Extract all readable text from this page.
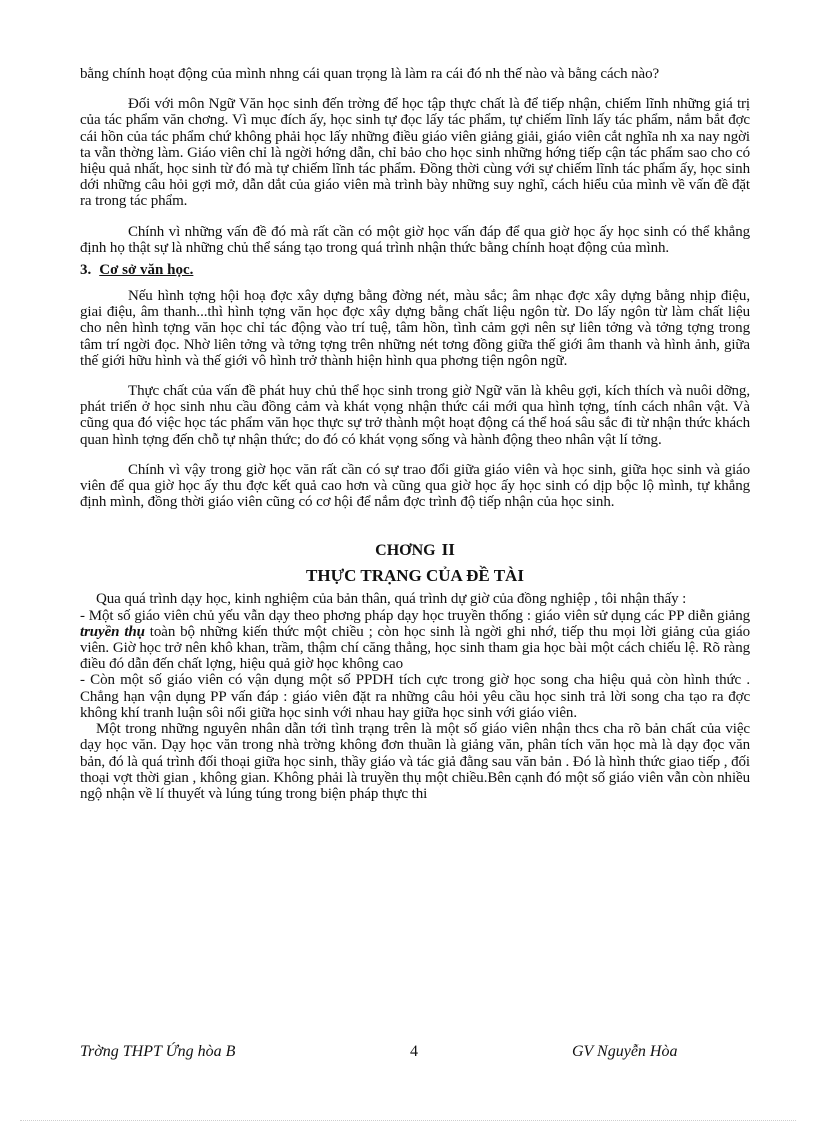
bằng chính hoạt động của mình nhng cái quan trọng là làm ra cái đó nh thế nào và bằng cách nào?

Đối với môn Ngữ Văn học sinh đến trờng để học tập thực chất là để tiếp nhận, chiếm lĩnh những giá trị của tác phẩm văn chơng. Vì mục đích ấy, học sinh tự đọc lấy tác phẩm, tự chiếm lĩnh lấy tác phẩm, nắm bắt đợc cái hồn của tác phẩm chứ không phải học lấy những điều giáo viên giảng giải, giáo viên cắt nghĩa nh xa nay ngời ta vẫn thờng làm. Giáo viên chỉ là ngời hớng dẫn, chỉ bảo cho học sinh những hớng tiếp cận tác phẩm sao cho có hiệu quả nhất, học sinh từ đó mà tự chiếm lĩnh tác phẩm. Đồng thời cùng với sự chiếm lĩnh tác phẩm ấy, học sinh dới những câu hỏi gợi mở, dẫn dắt của giáo viên mà trình bày những suy nghĩ, cách hiểu của mình về vấn đề đặt ra trong tác phẩm.

Chính vì những vấn đề đó mà rất cần có một giờ học vấn đáp để qua giờ học ấy học sinh có thể khẳng định họ thật sự là những chủ thể sáng tạo trong quá trình nhận thức bằng chính hoạt động của mình.

3. Cơ sở văn học.

Nếu hình tợng hội hoạ đợc xây dựng bằng đờng nét, màu sắc; âm nhạc đợc xây dựng bằng nhịp điệu, giai điệu, âm thanh...thì hình tợng văn học đợc xây dựng bằng chất liệu ngôn từ. Do lấy ngôn từ làm chất liệu cho nên hình tợng văn học chỉ tác động vào trí tuệ, tâm hồn, tình cảm gợi nên sự liên tởng và tởng tợng trong tâm trí ngời đọc. Nhờ liên tởng và tởng tợng trên những nét tơng đồng giữa thế giới âm thanh và hình ảnh, giữa thế giới hữu hình và thế giới vô hình trở thành hiện hình qua phơng tiện ngôn ngữ.

Thực chất của vấn đề phát huy chủ thể học sinh trong giờ Ngữ văn là khêu gợi, kích thích và nuôi dỡng, phát triển ở học sinh nhu cầu đồng cảm và khát vọng nhận thức cái mới qua hình tợng, tính cách nhân vật. Và cũng qua đó việc học tác phẩm văn học thực sự trở thành một hoạt động cá thể hoá sâu sắc đi từ nhận thức khách quan hình tợng đến chỗ tự nhận thức; do đó có khát vọng sống và hành động theo nhân vật lí tởng.

Chính vì vậy trong giờ học văn rất cần có sự trao đổi giữa giáo viên và học sinh, giữa học sinh và giáo viên để qua giờ học ấy thu đợc kết quả cao hơn và cũng qua giờ học ấy học sinh có dịp bộc lộ mình, tự khẳng định mình, đồng thời giáo viên cũng có cơ hội để nắm đợc trình độ tiếp nhận của học sinh.

CHƠNG II
THỰC TRẠNG CỦA ĐỀ TÀI

Qua quá trình dạy học, kinh nghiệm của bản thân, quá trình dự giờ của đồng nghiệp , tôi nhận thấy :

- Một số giáo viên chủ yếu vẫn dạy theo phơng pháp dạy học truyền thống : giáo viên sử dụng các PP diễn giảng truyền thụ toàn bộ những kiến thức một chiều ; còn học sinh là ngời ghi nhớ, tiếp thu mọi lời giảng của giáo viên. Giờ học trở nên khô khan, trầm, thậm chí căng thẳng, học sinh tham gia học bài một cách chiếu lệ. Rõ ràng điều đó dẫn đến chất lợng, hiệu quả giờ học không cao

- Còn một số giáo viên có vận dụng một số PPDH tích cực trong giờ học song cha hiệu quả còn hình thức . Chẳng hạn vận dụng PP vấn đáp : giáo viên đặt ra những câu hỏi yêu cầu học sinh trả lời song cha tạo ra đợc không khí tranh luận sôi nổi giữa học sinh với nhau hay giữa học sinh với giáo viên.

Một trong những nguyên nhân dẫn tới tình trạng trên là một số giáo viên nhận thcs cha rõ bản chất của việc dạy học văn. Dạy học văn trong nhà trờng không đơn thuần là giảng văn, phân tích văn học mà là dạy đọc văn bản, đó là quá trình đối thoại giữa học sinh, thầy giáo và tác giả đằng sau văn bản . Đó là hình thức giao tiếp , đối thoại vợt thời gian , không gian. Không phải là truyền thụ một chiều.Bên cạnh đó một số giáo viên vẫn còn nhiều ngộ nhận về lí thuyết và lúng túng trong biện pháp thực thi

Trờng THPT Ứng hòa B	4	GV Nguyễn Hòa
